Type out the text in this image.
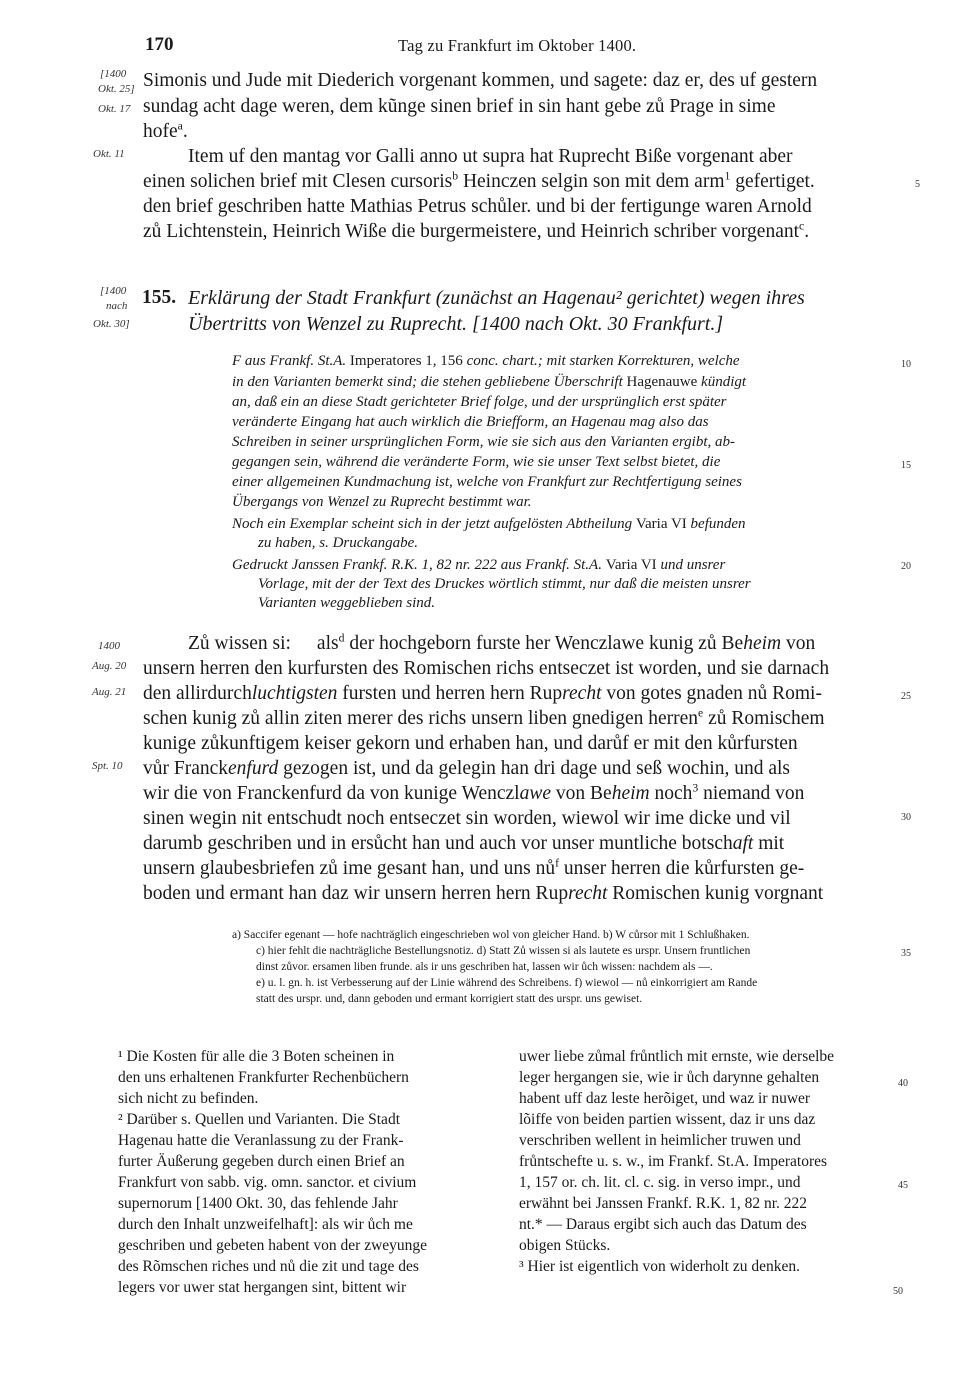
170	Tag zu Frankfurt im Oktober 1400.
[1400
Okt. 25]
Okt. 17
Okt. 11
Simonis und Jude mit Diederich vorgenant kommen, und sagete: daz er, des uf gestern
sundag acht dage weren, dem kũnge sinen brief in sin hant gebe zů Prage in sime
hofe$^a$.
Item uf den mantag vor Galli anno ut supra hat Ruprecht Biße vorgenant aber
einen solichen brief mit Clesen cursoris$^b$ Heinczen selgin son mit dem arm$^1$ gefertiget.	5
den brief geschriben hatte Mathias Petrus schůler. und bi der fertigunge waren Arnold
zů Lichtenstein, Heinrich Wiße die burgermeistere, und Heinrich schriber vorgenant$^c$.
[1400
nach
Okt. 30]
155. Erklärung der Stadt Frankfurt (zunächst an Hagenau² gerichtet) wegen ihres
Übertritts von Wenzel zu Ruprecht. [1400 nach Okt. 30 Frankfurt.]
F aus Frankf. St.A. Imperatores 1, 156 conc. chart.; mit starken Korrekturen, welche	10
in den Varianten bemerkt sind; die stehen gebliebene Überschrift Hagenauwe kündigt
an, daß ein an diese Stadt gerichteter Brief folge, und der ursprünglich erst später
veränderte Eingang hat auch wirklich die Briefform, an Hagenau mag also das
Schreiben in seiner ursprünglichen Form, wie sie sich aus den Varianten ergibt, ab-
gegangen sein, während die veränderte Form, wie sie unser Text selbst bietet, die	15
einer allgemeinen Kundmachung ist, welche von Frankfurt zur Rechtfertigung seines
Übergangs von Wenzel zu Ruprecht bestimmt war.
Noch ein Exemplar scheint sich in der jetzt aufgelösten Abtheilung Varia VI befunden
zu haben, s. Druckangabe.
Gedruckt Janssen Frankf. R.K. 1, 82 nr. 222 aus Frankf. St.A. Varia VI und unsrer	20
Vorlage, mit der der Text des Druckes wörtlich stimmt, nur daß die meisten unsrer
Varianten weggeblieben sind.
1400
Aug. 20
Aug. 21
Spt. 10
Zů wissen si: als$^d$ der hochgeborn furste her Wenczlawe kunig zů Beheim von
unsern herren den kurfursten des Romischen richs entseczet ist worden, und sie darnach
den allirdurchluchtigsten fursten und herren hern Ruprecht von gotes gnaden nů Romi-	25
schen kunig zů allin ziten merer des richs unsern liben gnedigen herren$^e$ zů Romischem
kunige zůkunftigem keiser gekorn und erhaben han, und darůf er mit den kůrfursten
vůr Franckenfurd gezogen ist, und da gelegin han dri dage und seß wochin, und als
wir die von Franckenfurd da von kunige Wenczlawe von Beheim noch$^3$ niemand von
sinen wegin nit entschudt noch entseczet sin worden, wiewol wir ime dicke und vil	30
darumb geschriben und in ersůcht han und auch vor unser muntliche botschaft mit
unsern glaubesbriefen zů ime gesant han, und uns $nů^f$ unser herren die kůrfursten ge-
boden und ermant han daz wir unsern herren hern Ruprecht Romischen kunig vorgnant
a) Saccifer egenant — hofe nachträglich eingeschrieben wol von gleicher Hand. b) W cůrsor mit 1 Schlußhaken.
c) hier fehlt die nachträgliche Bestellungsnotiz. d) Statt Zů wissen si als lautete es urspr. Unsern fruntlichen	35
dinst zůvor. ersamen liben frunde. als ir uns geschriben hat, lassen wir ůch wissen: nachdem als —.
e) u. l. gn. h. ist Verbesserung auf der Linie während des Schreibens. f) wiewol — nů einkorrigiert am Rande
statt des urspr. und, dann geboden und ermant korrigiert statt des urspr. uns gewiset.
¹ Die Kosten für alle die 3 Boten scheinen in
den uns erhaltenen Frankfurter Rechenbüchern
sich nicht zu befinden.
² Darüber s. Quellen und Varianten. Die Stadt
Hagenau hatte die Veranlassung zu der Frank-
furter Äußerung gegeben durch einen Brief an
Frankfurt von sabb. vig. omn. sanctor. et civium
supernorum [1400 Okt. 30, das fehlende Jahr
durch den Inhalt unzweifelhaft]: als wir ůch me
geschriben und gebeten habent von der zweyunge
des Rõmschen riches und nů die zit und tage des
legers vor uwer stat hergangen sint, bittent wir
uwer liebe zůmal frůntlich mit ernste, wie derselbe
leger hergangen sie, wie ir ůch darynne gehalten
habent uff daz leste herõiget, und waz ir nuwer
lõiffe von beiden partien wissent, daz ir uns daz
verschriben wellent in heimlicher truwen und
frůntschefte u. s. w., im Frankf. St.A. Imperatores
1, 157 or. ch. lit. cl. c. sig. in verso impr., und
erwähnt bei Janssen Frankf. R.K. 1, 82 nr. 222
nt.* — Daraus ergibt sich auch das Datum des
obigen Stücks.
³ Hier ist eigentlich von widerholt zu denken.
40
45
50
